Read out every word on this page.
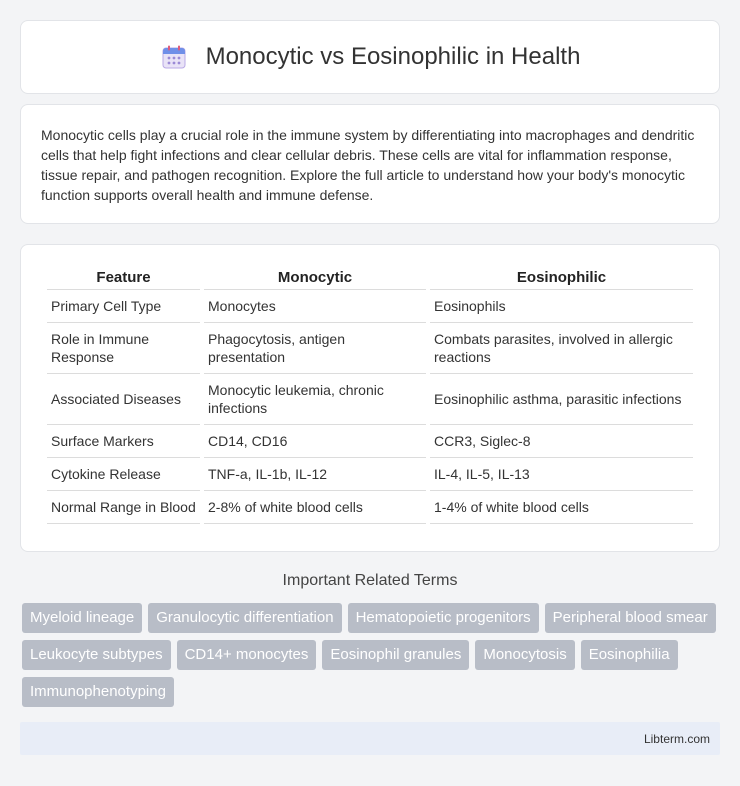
Monocytic vs Eosinophilic in Health

Monocytic cells play a crucial role in the immune system by differentiating into macrophages and dendritic cells that help fight infections and clear cellular debris. These cells are vital for inflammation response, tissue repair, and pathogen recognition. Explore the full article to understand how your body's monocytic function supports overall health and immune defense.

Feature	Monocytic	Eosinophilic
Primary Cell Type	Monocytes	Eosinophils
Role in Immune Response	Phagocytosis, antigen presentation	Combats parasites, involved in allergic reactions
Associated Diseases	Monocytic leukemia, chronic infections	Eosinophilic asthma, parasitic infections
Surface Markers	CD14, CD16	CCR3, Siglec-8
Cytokine Release	TNF-a, IL-1b, IL-12	IL-4, IL-5, IL-13
Normal Range in Blood	2-8% of white blood cells	1-4% of white blood cells
Important Related Terms
Myeloid lineage	Granulocytic differentiation	Hematopoietic progenitors	Peripheral blood smear
Leukocyte subtypes	CD14+ monocytes	Eosinophil granules	Monocytosis	Eosinophilia
Immunophenotyping
Libterm.com
